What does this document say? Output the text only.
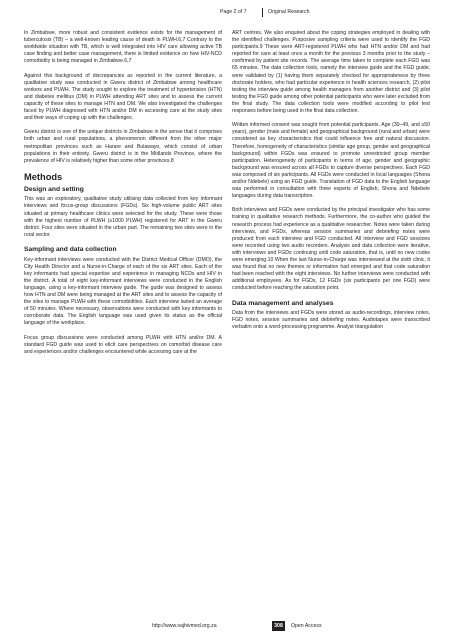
Page 2 of 7	Original Research

In Zimbabwe, more robust and consistent evidence exists for the management of tuberculosis (TB) – a well-known leading cause of death in PLWH.6,7 Contrary to the worldwide situation with TB, which is well integrated into HIV care allowing active TB case finding and better case management, there is limited evidence on how HIV-NCD comorbidity is being managed in Zimbabwe.6,7

Against this background of discrepancies as reported in the current literature, a qualitative study was conducted in Gweru district of Zimbabwe among healthcare workers and PLWH. The study sought to explore the treatment of hypertension (HTN) and diabetes mellitus (DM) in PLWH attending ART sites and to assess the current capacity of these sites to manage HTN and DM. We also investigated the challenges faced by PLWH diagnosed with HTN and/or DM in accessing care at the study sites and their ways of coping up with the challenges.

Gweru district is one of the unique districts in Zimbabwe in the sense that it comprises both urban and rural populations, a phenomenon different from the other major metropolitan provinces such as Harare and Bulawayo, which consist of urban populations in their entirety. Gweru district is in the Midlands Province, where the prevalence of HIV is relatively higher than some other provinces.8

Methods
Design and setting

This was an exploratory, qualitative study utilising data collected from key informant interviews and focus-group discussions (FGDs). Six high-volume public ART sites situated at primary healthcare clinics were selected for the study. These were those with the highest number of PLWH (≥1000 PLWH) registered for ART in the Gweru district. Four sites were situated in the urban part. The remaining two sites were in the rural sector.

Sampling and data collection

Key-informant interviews were conducted with the District Medical Officer (DMO), the City Health Director and a Nurse-in-Charge of each of the six ART sites. Each of the key informants had special expertise and experience in managing NCDs and HIV in the district. A total of eight key-informant interviews were conducted in the English language, using a key-informant interview guide. The guide was designed to assess how HTN and DM were being managed at the ART sites and to assess the capacity of the sites to manage PLWH with these comorbidities. Each interview lasted an average of 50 minutes. Where necessary, observations were conducted with key informants to corroborate data. The English language was used given its status as the official language of the workplace.

Focus group discussions were conducted among PLWH with HTN and/or DM. A standard FGD guide was used to elicit care perspectives on comorbid disease care and experiences and/or challenges encountered while accessing care at the

ART centres. We also enquired about the coping strategies employed in dealing with the identified challenges. Purposive sampling criteria were used to identify the FGD participants.9 These were ART-registered PLWH who had HTN and/or DM and had reported for care at least once a month for the previous 3 months prior to the study – confirmed by patient site records. The average time taken to complete each FGD was 65 minutes. The data collection tools, namely the interview guide and the FGD guide, were validated by (1) having them separately checked for appropriateness by three doctorate holders, who had particular experience in health sciences research, (2) pilot testing the interview guide among health managers from another district and (3) pilot testing the FGD guide among other potential participants who were later excluded from the final study. The data collection tools were modified according to pilot test responses before being used in the final data collection.

Written informed consent was sought from potential participants. Age (30–49, and ≥50 years), gender (male and female) and geographical background (rural and urban) were considered as key characteristics that could influence free and natural discussion. Therefore, homogeneity of characteristics (similar age group, gender and geographical background) within FGDs was ensured to promote unrestricted group member participation. Heterogeneity of participants in terms of age, gender and geographic background was ensured across all FGDs to capture diverse perspectives. Each FGD was composed of six participants. All FGDs were conducted in local languages (Shona and/or Ndebele) using an FGD guide. Translation of FGD data to the English language was performed in consultation with three experts of English, Shona and Ndebele languages during data transcription.

Both interviews and FGDs were conducted by the principal investigator who has some training in qualitative research methods. Furthermore, the co-author who guided the research process had experience as a qualitative researcher. Notes were taken during interviews, and FGDs, whereas session summaries and debriefing notes were produced from each interview and FGD conducted. All interview and FGD sessions were recorded using two audio recorders. Analysis and data collection were iterative, with interviews and FGDs continuing until code saturation, that is, until no new codes were emerging.10 When the last Nurse-in-Charge was interviewed at the sixth clinic, it was found that no new themes or information had emerged and that code saturation had been reached with the eight interviews. No further interviews were conducted with additional employees. As for FGDs, 12 FGDs (six participants per one FGD) were conducted before reaching the saturation point.

Data management and analyses

Data from the interviews and FGDs were stored as audio-recordings, interview notes, FGD notes, session summaries and debriefing notes. Audiotapes were transcribed verbatim onto a word-processing programme. Analyst triangulation

http://www.sajhivmed.org.za	308	Open Access
